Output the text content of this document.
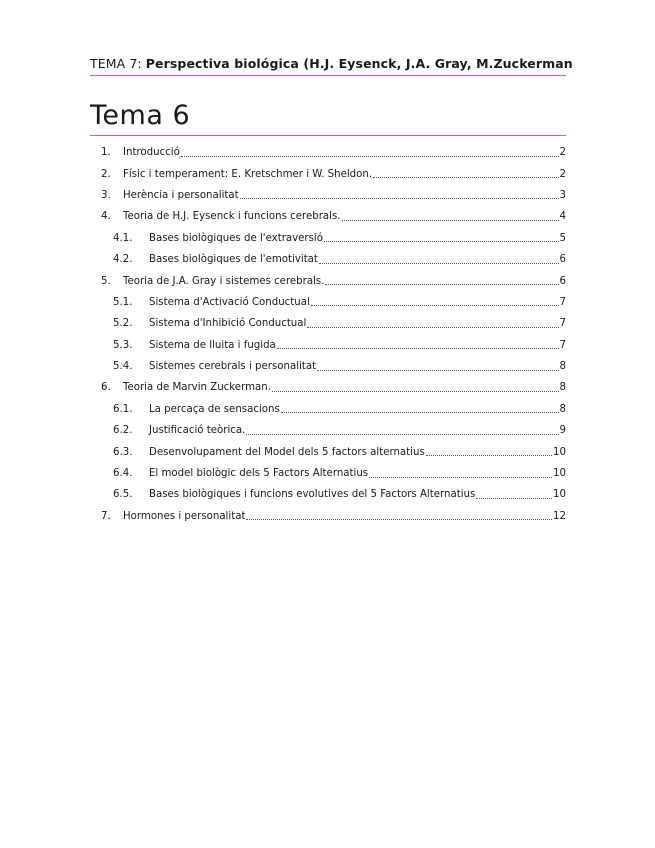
TEMA 7: Perspectiva biológica (H.J. Eysenck, J.A. Gray, M.Zuckerman
Tema 6
1.	Introducció	2
2.	Físic i temperament: E. Kretschmer i W. Sheldon.	2
3.	Herència i personalitat	3
4.	Teoria de H.J. Eysenck i funcions cerebrals.	4
4.1.	Bases biològiques de l'extraversió	5
4.2.	Bases biològiques de l'emotivitat	6
5.	Teoria de J.A. Gray i sistemes cerebrals.	6
5.1.	Sistema d'Activació Conductual	7
5.2.	Sistema d'Inhibició Conductual	7
5.3.	Sistema de lluita i fugida	7
5.4.	Sistemes cerebrals i personalitat	8
6.	Teoria de Marvin Zuckerman.	8
6.1.	La percaça de sensacions	8
6.2.	Justificació teòrica.	9
6.3.	Desenvolupament del Model dels 5 factors alternatius	10
6.4.	El model biològic dels 5 Factors Alternatius	10
6.5.	Bases biològiques i funcions evolutives del 5 Factors Alternatius	10
7.	Hormones i personalitat	12
